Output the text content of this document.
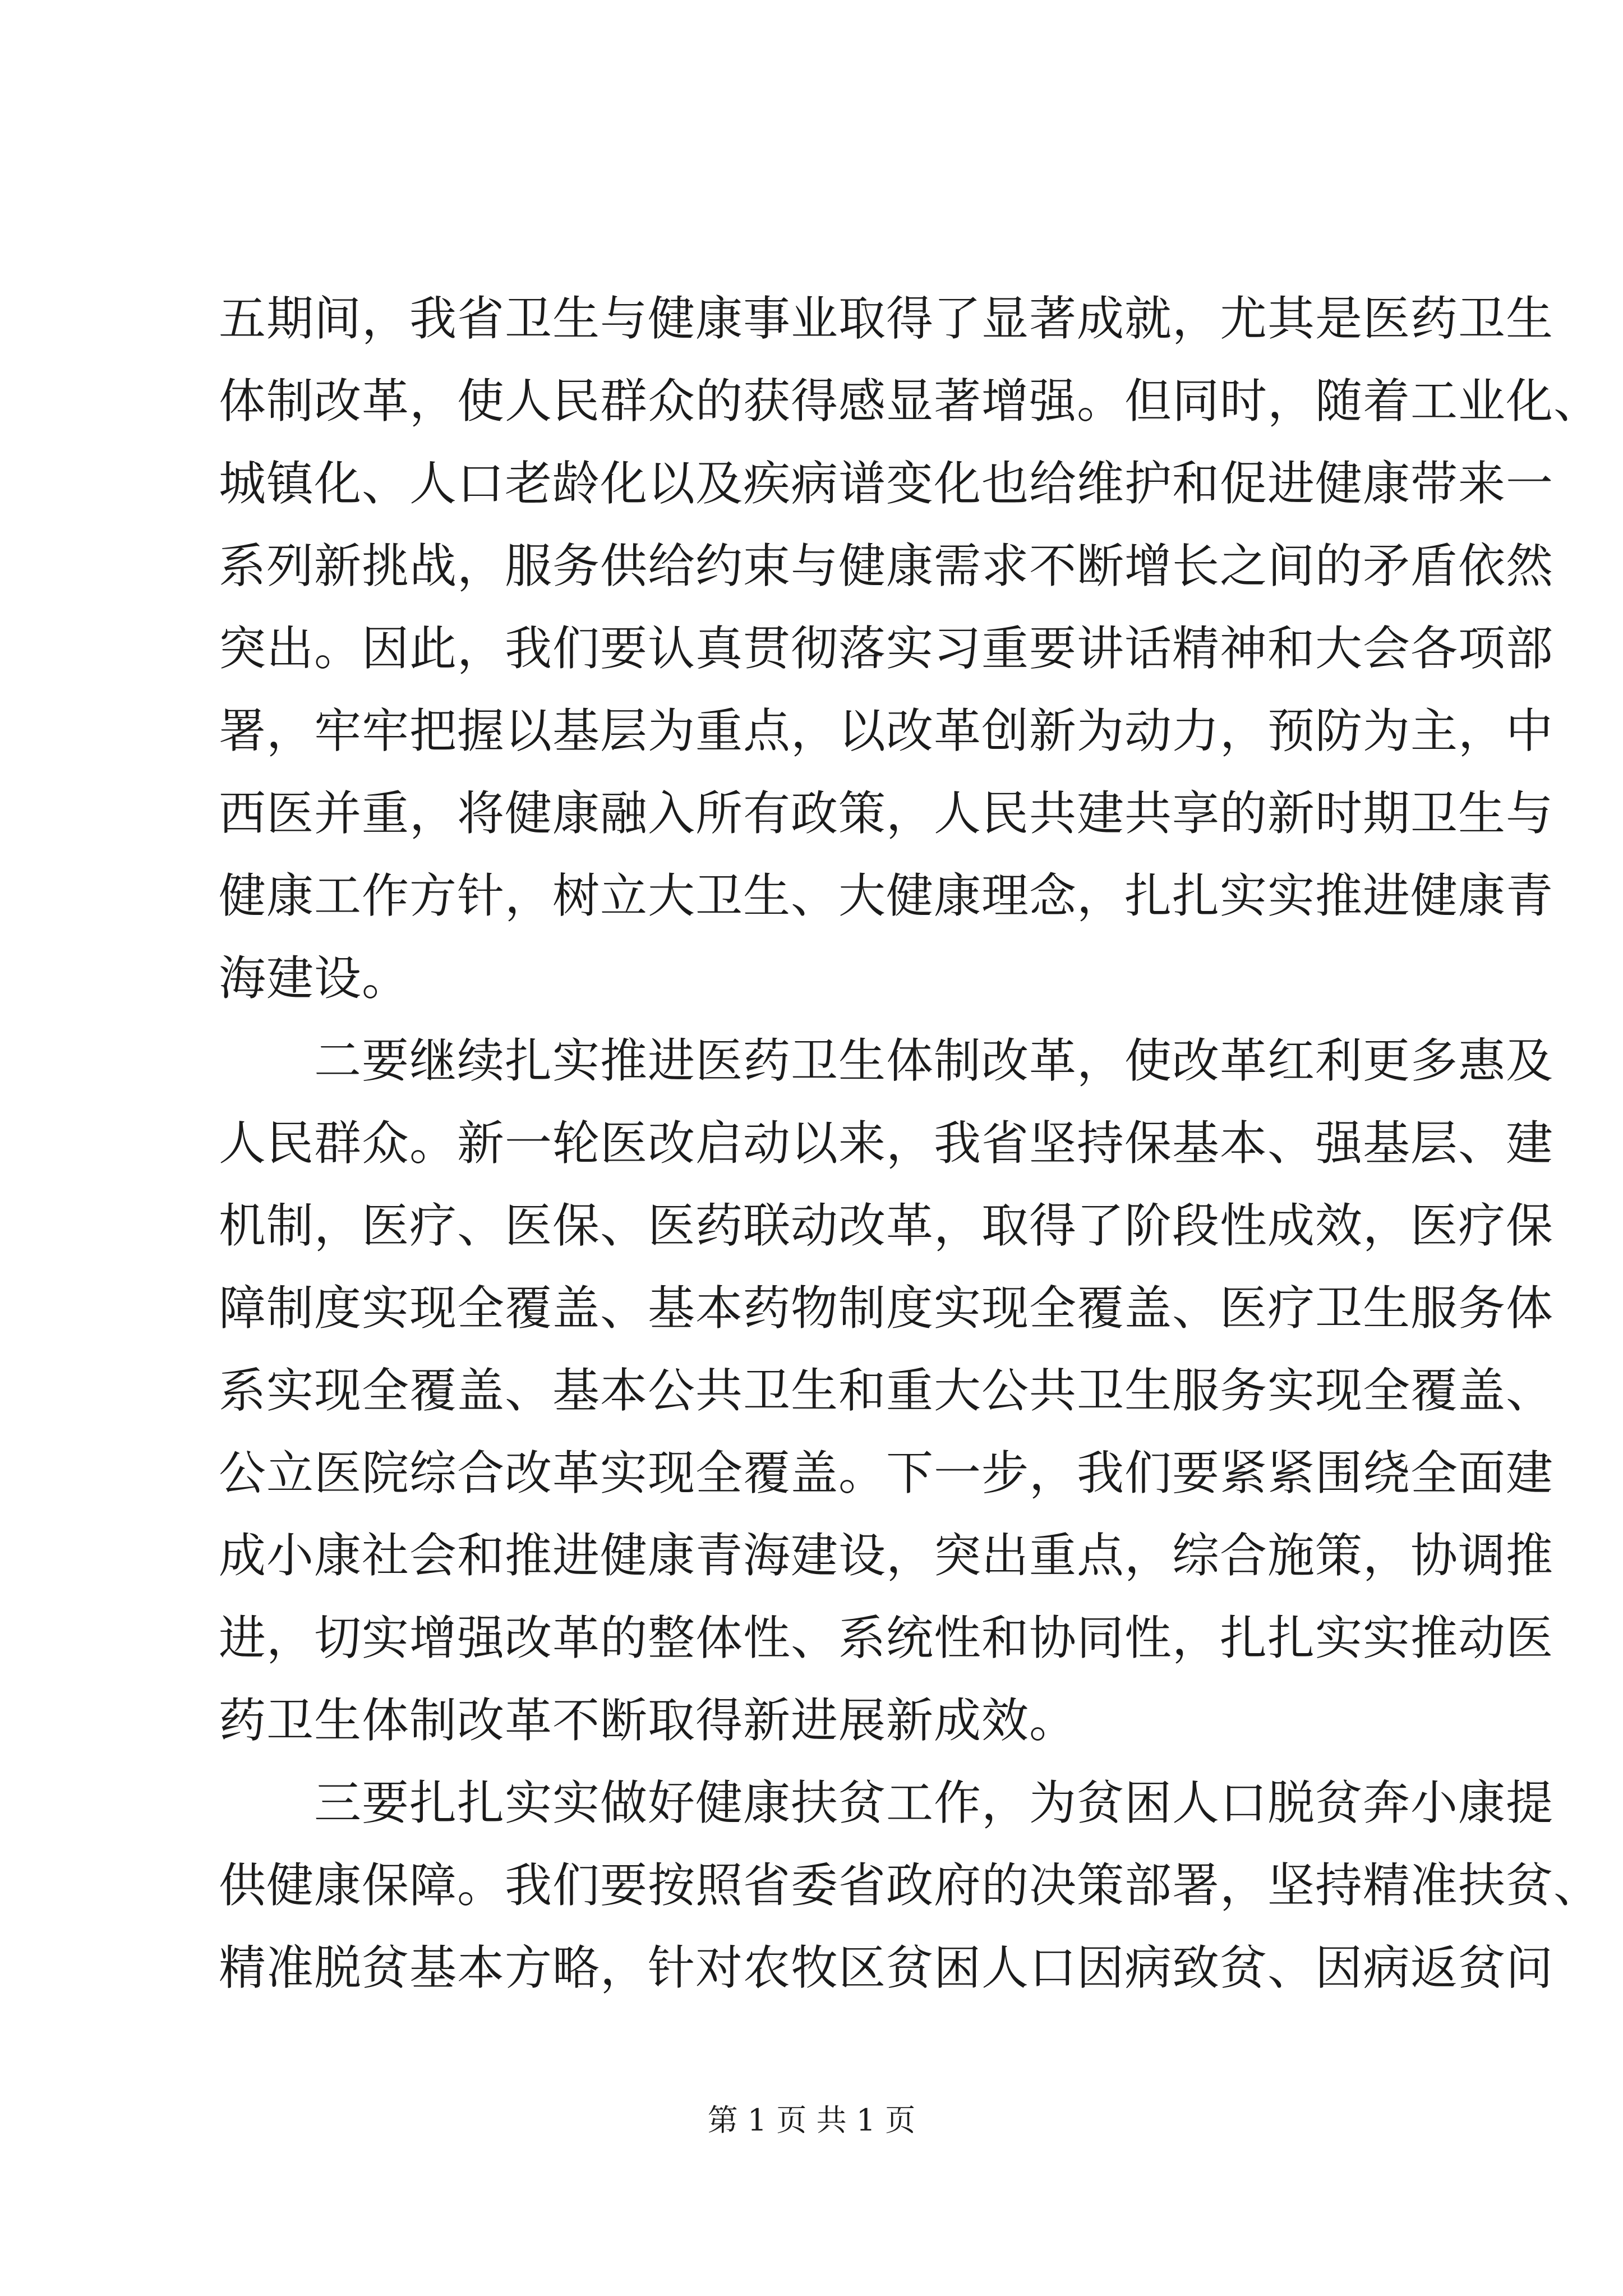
五期间，我省卫生与健康事业取得了显著成就，尤其是医药卫生
体制改革，使人民群众的获得感显著增强。但同时，随着工业化、
城镇化、人口老龄化以及疾病谱变化也给维护和促进健康带来一
系列新挑战，服务供给约束与健康需求不断增长之间的矛盾依然
突出。因此，我们要认真贯彻落实习重要讲话精神和大会各项部
署，牢牢把握以基层为重点，以改革创新为动力，预防为主，中
西医并重，将健康融入所有政策，人民共建共享的新时期卫生与
健康工作方针，树立大卫生、大健康理念，扎扎实实推进健康青
海建设。
　　二要继续扎实推进医药卫生体制改革，使改革红利更多惠及
人民群众。新一轮医改启动以来，我省坚持保基本、强基层、建
机制，医疗、医保、医药联动改革，取得了阶段性成效，医疗保
障制度实现全覆盖、基本药物制度实现全覆盖、医疗卫生服务体
系实现全覆盖、基本公共卫生和重大公共卫生服务实现全覆盖、
公立医院综合改革实现全覆盖。下一步，我们要紧紧围绕全面建
成小康社会和推进健康青海建设，突出重点，综合施策，协调推
进，切实增强改革的整体性、系统性和协同性，扎扎实实推动医
药卫生体制改革不断取得新进展新成效。
　　三要扎扎实实做好健康扶贫工作，为贫困人口脱贫奔小康提
供健康保障。我们要按照省委省政府的决策部署，坚持精准扶贫、
精准脱贫基本方略，针对农牧区贫困人口因病致贫、因病返贫问
第 1 页 共 1 页
